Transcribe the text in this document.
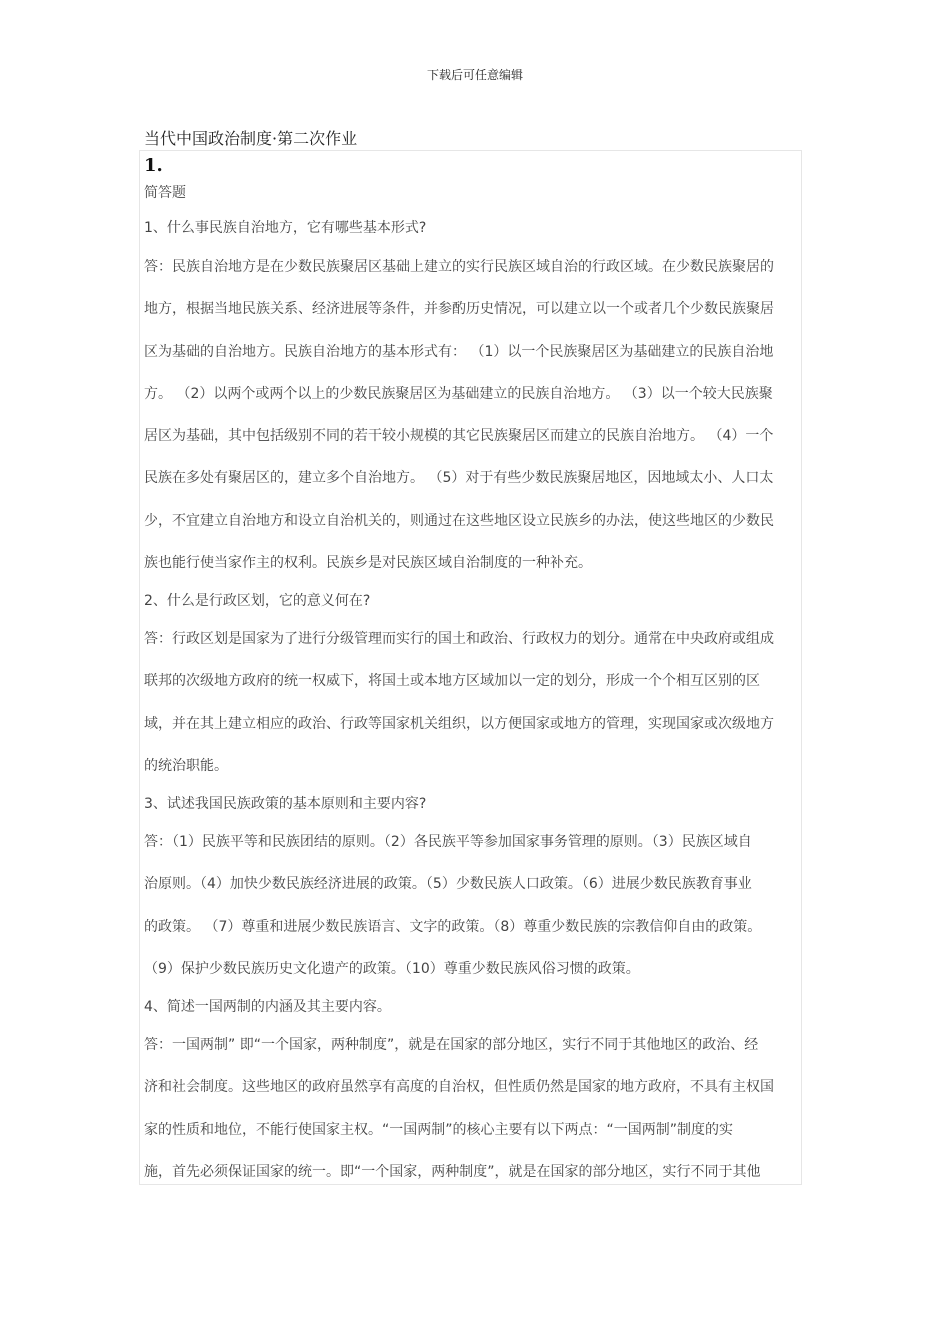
下载后可任意编辑
当代中国政治制度·第二次作业
1.
简答题
1、什么事民族自治地方，它有哪些基本形式?
答：民族自治地方是在少数民族聚居区基础上建立的实行民族区域自治的行政区域。在少数民族聚居的
地方，根据当地民族关系、经济进展等条件，并参酌历史情况，可以建立以一个或者几个少数民族聚居
区为基础的自治地方。民族自治地方的基本形式有： （1）以一个民族聚居区为基础建立的民族自治地
方。 （2）以两个或两个以上的少数民族聚居区为基础建立的民族自治地方。 （3）以一个较大民族聚
居区为基础，其中包括级别不同的若干较小规模的其它民族聚居区而建立的民族自治地方。 （4）一个
民族在多处有聚居区的，建立多个自治地方。 （5）对于有些少数民族聚居地区，因地域太小、人口太
少，不宜建立自治地方和设立自治机关的，则通过在这些地区设立民族乡的办法，使这些地区的少数民
族也能行使当家作主的权利。民族乡是对民族区域自治制度的一种补充。
2、什么是行政区划，它的意义何在?
答：行政区划是国家为了进行分级管理而实行的国土和政治、行政权力的划分。通常在中央政府或组成
联邦的次级地方政府的统一权威下，将国土或本地方区域加以一定的划分，形成一个个相互区别的区
域，并在其上建立相应的政治、行政等国家机关组织，以方便国家或地方的管理，实现国家或次级地方
的统治职能。
3、试述我国民族政策的基本原则和主要内容?
答：（1）民族平等和民族团结的原则。（2）各民族平等参加国家事务管理的原则。（3）民族区域自
治原则。（4）加快少数民族经济进展的政策。（5）少数民族人口政策。（6）进展少数民族教育事业
的政策。 （7）尊重和进展少数民族语言、文字的政策。（8）尊重少数民族的宗教信仰自由的政策。
（9）保护少数民族历史文化遗产的政策。（10）尊重少数民族风俗习惯的政策。
4、简述一国两制的内涵及其主要内容。
答：一国两制” 即“一个国家，两种制度”，就是在国家的部分地区，实行不同于其他地区的政治、经
济和社会制度。这些地区的政府虽然享有高度的自治权，但性质仍然是国家的地方政府，不具有主权国
家的性质和地位，不能行使国家主权。“一国两制”的核心主要有以下两点：“一国两制”制度的实
施，首先必须保证国家的统一。即“一个国家，两种制度”，就是在国家的部分地区，实行不同于其他
